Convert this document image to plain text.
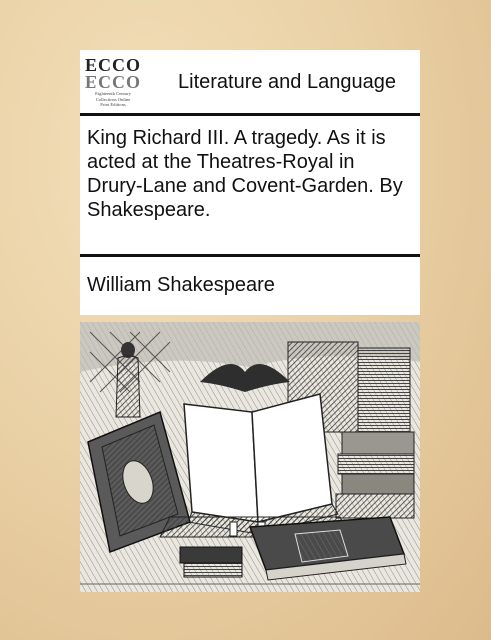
ECCO
ECCO
Eighteenth Century
Collections Online
Print Editions
Literature and Language
King Richard III. A tragedy. As it is acted at the Theatres-Royal in Drury-Lane and Covent-Garden. By Shakespeare.
William Shakespeare
